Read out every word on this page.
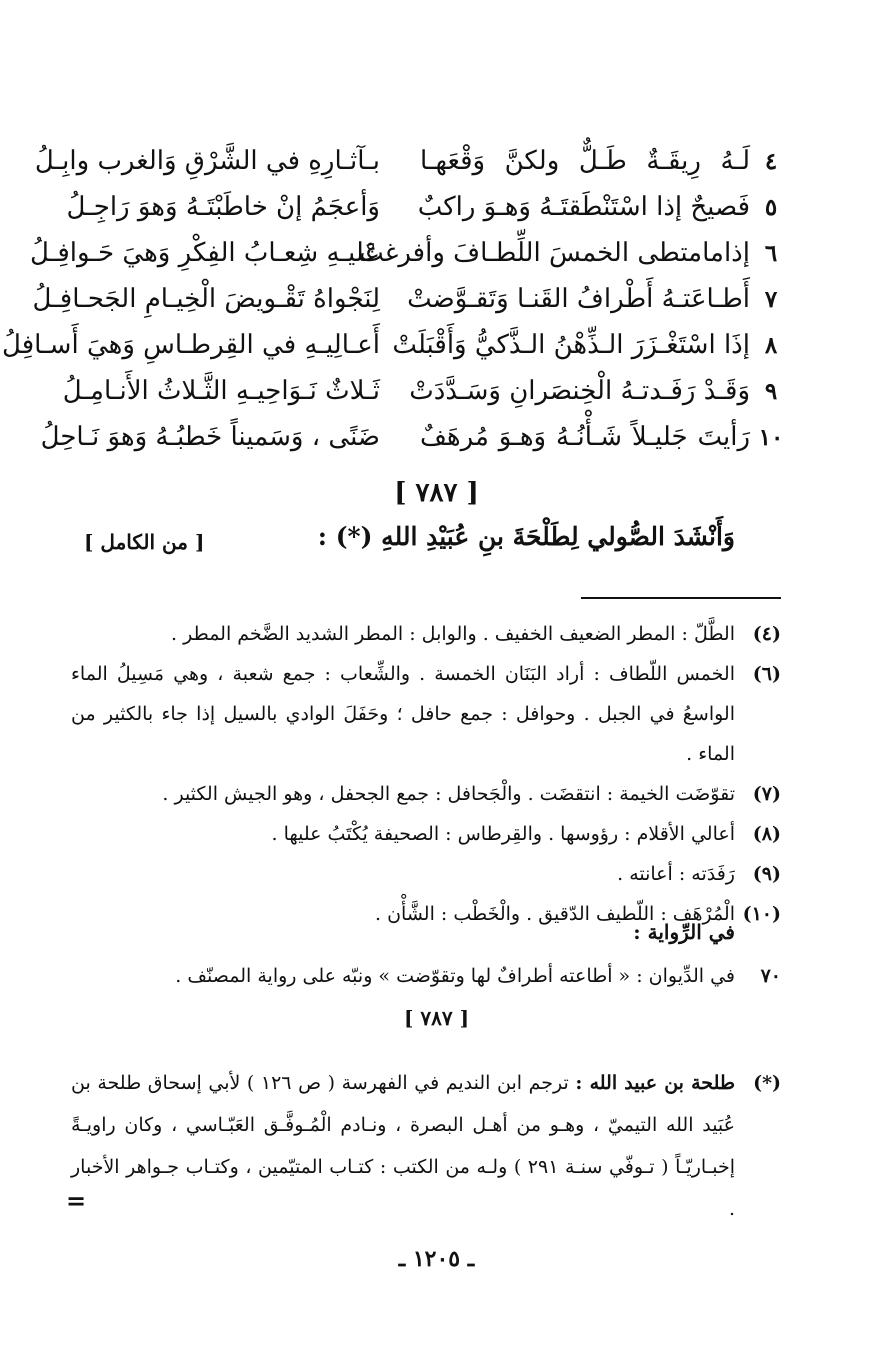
٤
لَـهُ رِيقَـةٌ طَـلٌّ ولكنَّ وَقْعَهـا
بـآثـارِهِ في الشَّرْقِ وَالغرب وابِـلُ
٥
فَصيحٌ إذا اسْتَنْطَقتَـهُ وَهـوَ راكبٌ
وَأعجَمُ إنْ خاطَبْتَـهُ وَهوَ رَاجِـلُ
٦
إذامامتطى الخمسَ اللِّطـافَ وأفرغتْ
عَليـهِ شِعـابُ الفِكْرِ وَهيَ حَـوافِـلُ
٧
أَطـاعَتـهُ أَطْرافُ القَنـا وَتَقـوَّضتْ
لِنَجْواهُ تَقْـويضَ الْخِيـامِ الجَحـافِـلُ
٨
إذَا اسْتَغْـزَرَ الـذِّهْنُ الـذَّكيُّ وَأَقْبَلَتْ
أَعـالِيـهِ في القِرطـاسِ وَهيَ أَسـافِلُ
٩
وَقَـدْ رَفَـدتـهُ الْخِنصَرانِ وَسَـدَّدَتْ
ثَـلاثٌ نَـوَاحِيـهِ الثَّـلاثُ الأَنـامِـلُ
١٠
رَأيتَ جَليـلاً شَـأْنُـهُ وَهـوَ مُرهَفٌ
ضَنًى ، وَسَميناً خَطبُـهُ وَهوَ نَـاحِلُ
[ ٧٨٧ ]
وَأَنْشَدَ الصُّولي لِطَلْحَةَ بنِ عُبَيْدِ اللهِ (*) :
[ من الكامل ]
(٤)
الطَّلّ : المطر الضعيف الخفيف . والوابل : المطر الشديد الضَّخم المطر .
(٦)
الخمس اللّطاف : أراد البَنَان الخمسة . والشِّعاب : جمع شعبة ، وهي مَسِيلُ الماء الواسعُ في الجبل . وحوافل : جمع حافل ؛ وحَفَلَ الوادي بالسيل إذا جاء بالكثير من الماء .
(٧)
تقوّضَت الخيمة : انتقضَت . والْجَحافل : جمع الجحفل ، وهو الجيش الكثير .
(٨)
أعالي الأقلام : رؤوسها . والقِرطاس : الصحيفة يُكْتَبُ عليها .
(٩)
رَفَدَته : أعانته .
(١٠)
الْمُرْهَف : اللّطيف الدّقيق . والْخَطْب : الشَّأْن .
في الرِّواية :
٧٠
في الدِّيوان : « أطاعته أطرافٌ لها وتقوّضت » ونبّه على رواية المصنّف .
[ ٧٨٧ ]
(*)
طلحة بن عبيد الله : ترجم ابن النديم في الفهرسة ( ص ١٢٦ ) لأبي إسحاق طلحة بن عُبَيد الله التيميّ ، وهـو من أهـل البصرة ، ونـادم الْمُـوفَّـق العَبّـاسي ، وكان راويـةً إخبـاريّـاً ( تـوفّي سنـة ٢٩١ ) ولـه من الكتب : كتـاب المتيّمين ، وكتـاب جـواهر الأخبار .
=
ـ ١٢٠٥ ـ
